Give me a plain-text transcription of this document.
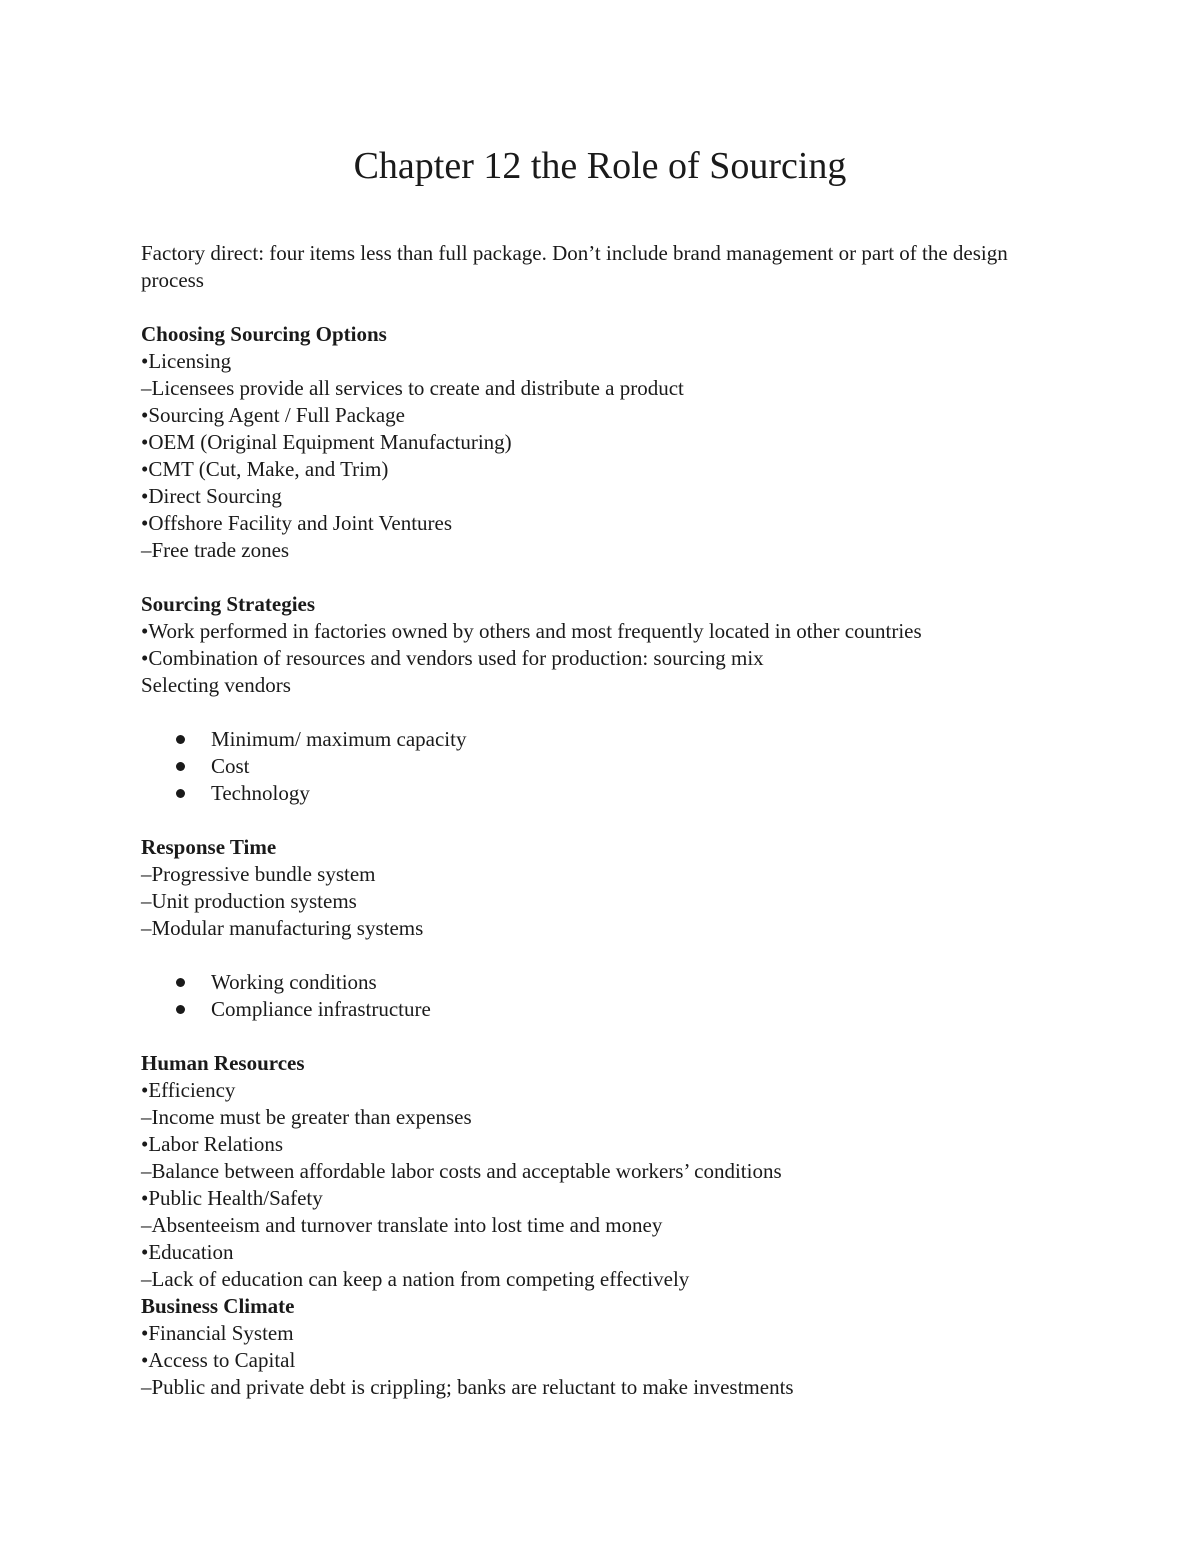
Chapter 12 the Role of Sourcing

Factory direct: four items less than full package. Don’t include brand management or part of the design process

Choosing Sourcing Options

•Licensing

–Licensees provide all services to create and distribute a product

•Sourcing Agent / Full Package

•OEM (Original Equipment Manufacturing)

•CMT (Cut, Make, and Trim)

•Direct Sourcing

•Offshore Facility and Joint Ventures

–Free trade zones

Sourcing Strategies

•Work performed in factories owned by others and most frequently located in other countries

•Combination of resources and vendors used for production: sourcing mix

Selecting vendors

Minimum/ maximum capacity
Cost
Technology

Response Time

–Progressive bundle system

–Unit production systems

–Modular manufacturing systems

Working conditions
Compliance infrastructure

Human Resources

•Efficiency

–Income must be greater than expenses

•Labor Relations

–Balance between affordable labor costs and acceptable workers’ conditions

•Public Health/Safety

–Absenteeism and turnover translate into lost time and money

•Education

–Lack of education can keep a nation from competing effectively

Business Climate

•Financial System

•Access to Capital

–Public and private debt is crippling; banks are reluctant to make investments
